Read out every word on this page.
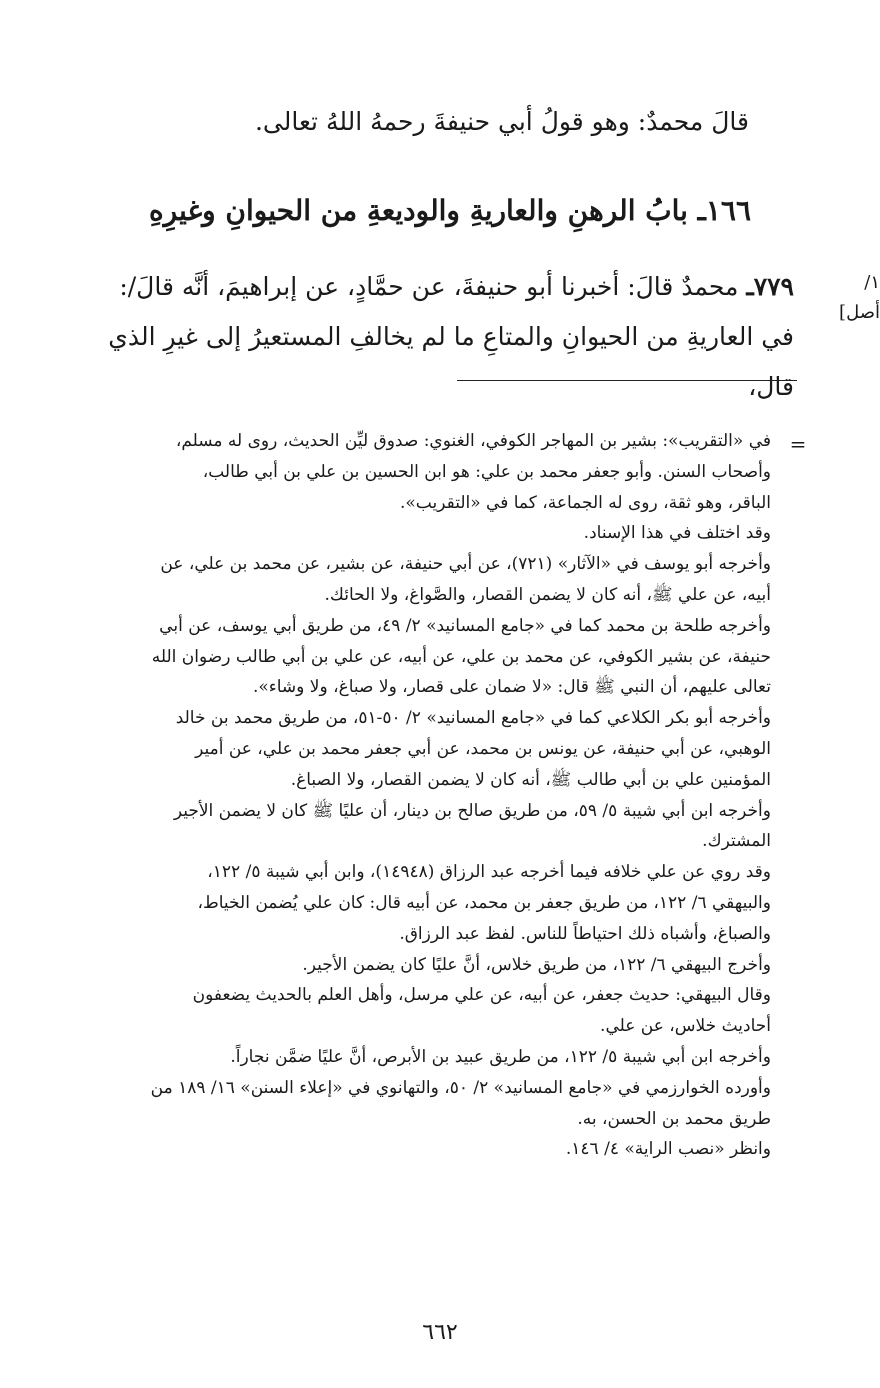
قالَ محمدٌ: وهو قولُ أبي حنيفةَ رحمهُ اللهُ تعالى.
١٦٦ـ بابُ الرهنِ والعاريةِ والوديعةِ من الحيوانِ وغيرِهِ
١/ أصل]
٧٧٩ـ محمدٌ قالَ: أخبرنا أبو حنيفةَ، عن حمَّادٍ، عن إبراهيمَ، أنَّه قالَ/:
في العاريةِ من الحيوانِ والمتاعِ ما لم يخالفِ المستعيرُ إلى غيرِ الذي قال،
=

في «التقريب»: بشير بن المهاجر الكوفي، الغنوي: صدوق ليِّن الحديث، روى له مسلم،

وأصحاب السنن. وأبو جعفر محمد بن علي: هو ابن الحسين بن علي بن أبي طالب،

الباقر، وهو ثقة، روى له الجماعة، كما في «التقريب».

وقد اختلف في هذا الإسناد.

وأخرجه أبو يوسف في «الآثار» (٧٢١)، عن أبي حنيفة، عن بشير، عن محمد بن علي، عن

أبيه، عن علي ﷺ، أنه كان لا يضمن القصار، والصَّواغ، ولا الحائك.

وأخرجه طلحة بن محمد كما في «جامع المسانيد» ٢/ ٤٩، من طريق أبي يوسف، عن أبي

حنيفة، عن بشير الكوفي، عن محمد بن علي، عن أبيه، عن علي بن أبي طالب رضوان الله

تعالى عليهم، أن النبي ﷺ قال: «لا ضمان على قصار، ولا صباغ، ولا وشاء».

وأخرجه أبو بكر الكلاعي كما في «جامع المسانيد» ٢/ ٥٠-٥١، من طريق محمد بن خالد

الوهبي، عن أبي حنيفة، عن يونس بن محمد، عن أبي جعفر محمد بن علي، عن أمير

المؤمنين علي بن أبي طالب ﷺ، أنه كان لا يضمن القصار، ولا الصباغ.

وأخرجه ابن أبي شيبة ٥/ ٥٩، من طريق صالح بن دينار، أن عليًا ﷺ كان لا يضمن الأجير

المشترك.

وقد روي عن علي خلافه فيما أخرجه عبد الرزاق (١٤٩٤٨)، وابن أبي شيبة ٥/ ١٢٢،

والبيهقي ٦/ ١٢٢، من طريق جعفر بن محمد، عن أبيه قال: كان علي يُضمن الخياط،

والصباغ، وأشباه ذلك احتياطاً للناس. لفظ عبد الرزاق.

وأخرج البيهقي ٦/ ١٢٢، من طريق خلاس، أنَّ عليًا كان يضمن الأجير.

وقال البيهقي: حديث جعفر، عن أبيه، عن علي مرسل، وأهل العلم بالحديث يضعفون

أحاديث خلاس، عن علي.

وأخرجه ابن أبي شيبة ٥/ ١٢٢، من طريق عبيد بن الأبرص، أنَّ عليًا ضمَّن نجاراً.

وأورده الخوارزمي في «جامع المسانيد» ٢/ ٥٠، والتهانوي في «إعلاء السنن» ١٦/ ١٨٩ من

طريق محمد بن الحسن، به.

وانظر «نصب الراية» ٤/ ١٤٦.

٦٦٢
